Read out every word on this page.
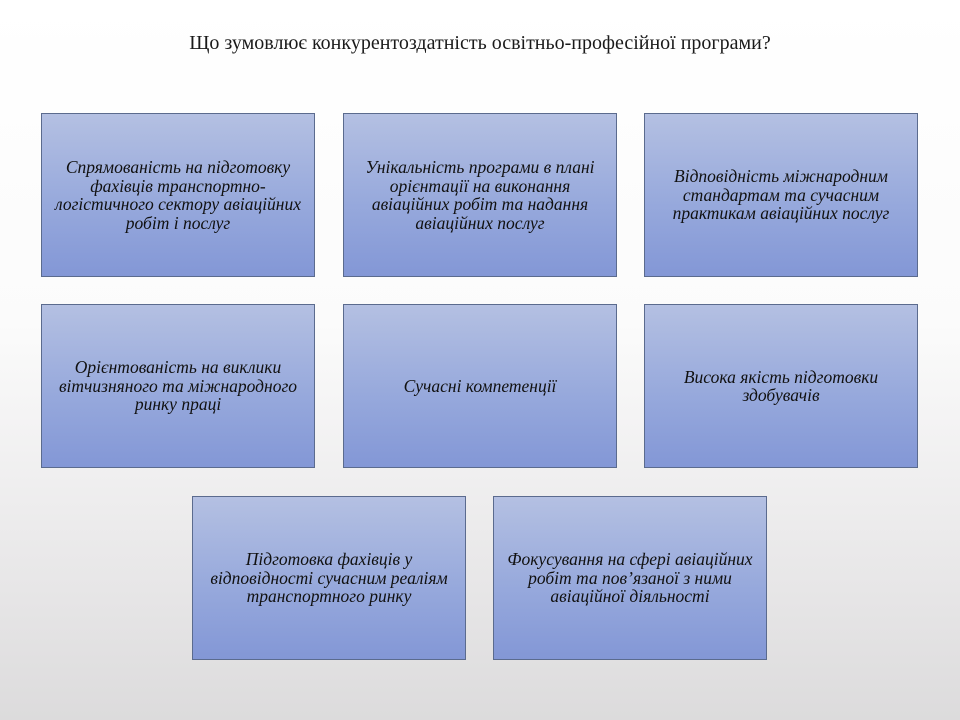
Що зумовлює конкурентоздатність освітньо-професійної програми?
Спрямованість на підготовку фахівців транспортно-логістичного сектору авіаційних робіт і послуг
Унікальність програми в плані орієнтації на виконання авіаційних робіт та надання авіаційних послуг
Відповідність міжнародним стандартам та сучасним практикам авіаційних послуг
Орієнтованість на виклики вітчизняного та міжнародного ринку праці
Сучасні компетенції	Висока якість підготовки здобувачів
Підготовка фахівців у відповідності сучасним реаліям транспортного ринку
Фокусування на сфері авіаційних робіт та пов’язаної з ними авіаційної діяльності
